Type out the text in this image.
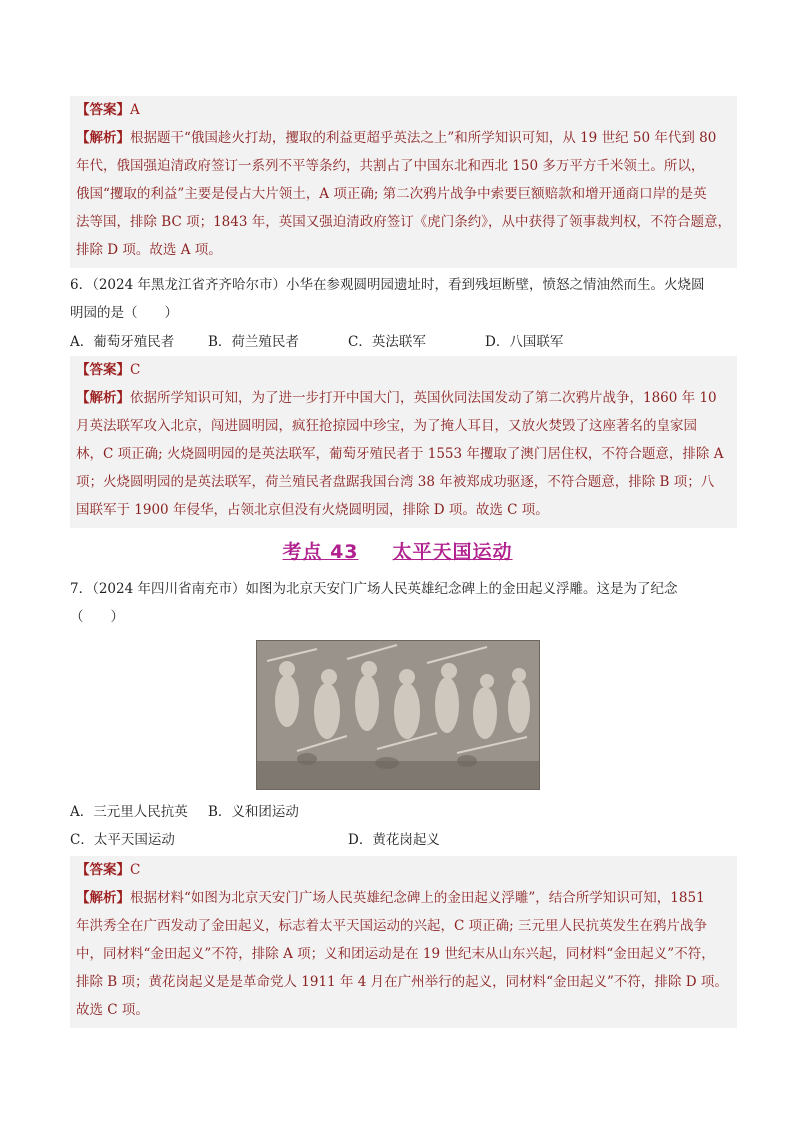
【答案】A
【解析】根据题干“俄国趁火打劫，攫取的利益更超乎英法之上”和所学知识可知，从 19 世纪 50 年代到 80
年代，俄国强迫清政府签订一系列不平等条约，共割占了中国东北和西北 150 多万平方千米领土。所以，
俄国“攫取的利益”主要是侵占大片领土，A 项正确; 第二次鸦片战争中索要巨额赔款和增开通商口岸的是英
法等国，排除 BC 项；1843 年，英国又强迫清政府签订《虎门条约》，从中获得了领事裁判权，不符合题意，
排除 D 项。故选 A 项。
6．（2024 年黑龙江省齐齐哈尔市）小华在参观圆明园遗址时，看到残垣断壁，愤怒之情油然而生。火烧圆
明园的是（　　）
A．葡萄牙殖民者	B．荷兰殖民者	C．英法联军	D．八国联军
【答案】C
【解析】依据所学知识可知，为了进一步打开中国大门，英国伙同法国发动了第二次鸦片战争，1860 年 10
月英法联军攻入北京，闯进圆明园，疯狂抢掠园中珍宝，为了掩人耳目，又放火焚毁了这座著名的皇家园
林，C 项正确; 火烧圆明园的是英法联军，葡萄牙殖民者于 1553 年攫取了澳门居住权，不符合题意，排除 A
项；火烧圆明园的是英法联军，荷兰殖民者盘踞我国台湾 38 年被郑成功驱逐，不符合题意，排除 B 项；八
国联军于 1900 年侵华，占领北京但没有火烧圆明园，排除 D 项。故选 C 项。
考点 43 太平天国运动
7．（2024 年四川省南充市）如图为北京天安门广场人民英雄纪念碑上的金田起义浮雕。这是为了纪念
（　　）
A．三元里人民抗英 B．义和团运动
C．太平天国运动	D．黄花岗起义
【答案】C
【解析】根据材料“如图为北京天安门广场人民英雄纪念碑上的金田起义浮雕”，结合所学知识可知，1851
年洪秀全在广西发动了金田起义，标志着太平天国运动的兴起，C 项正确; 三元里人民抗英发生在鸦片战争
中，同材料“金田起义”不符，排除 A 项；义和团运动是在 19 世纪末从山东兴起，同材料“金田起义”不符，
排除 B 项；黄花岗起义是是革命党人 1911 年 4 月在广州举行的起义，同材料“金田起义”不符，排除 D 项。
故选 C 项。
